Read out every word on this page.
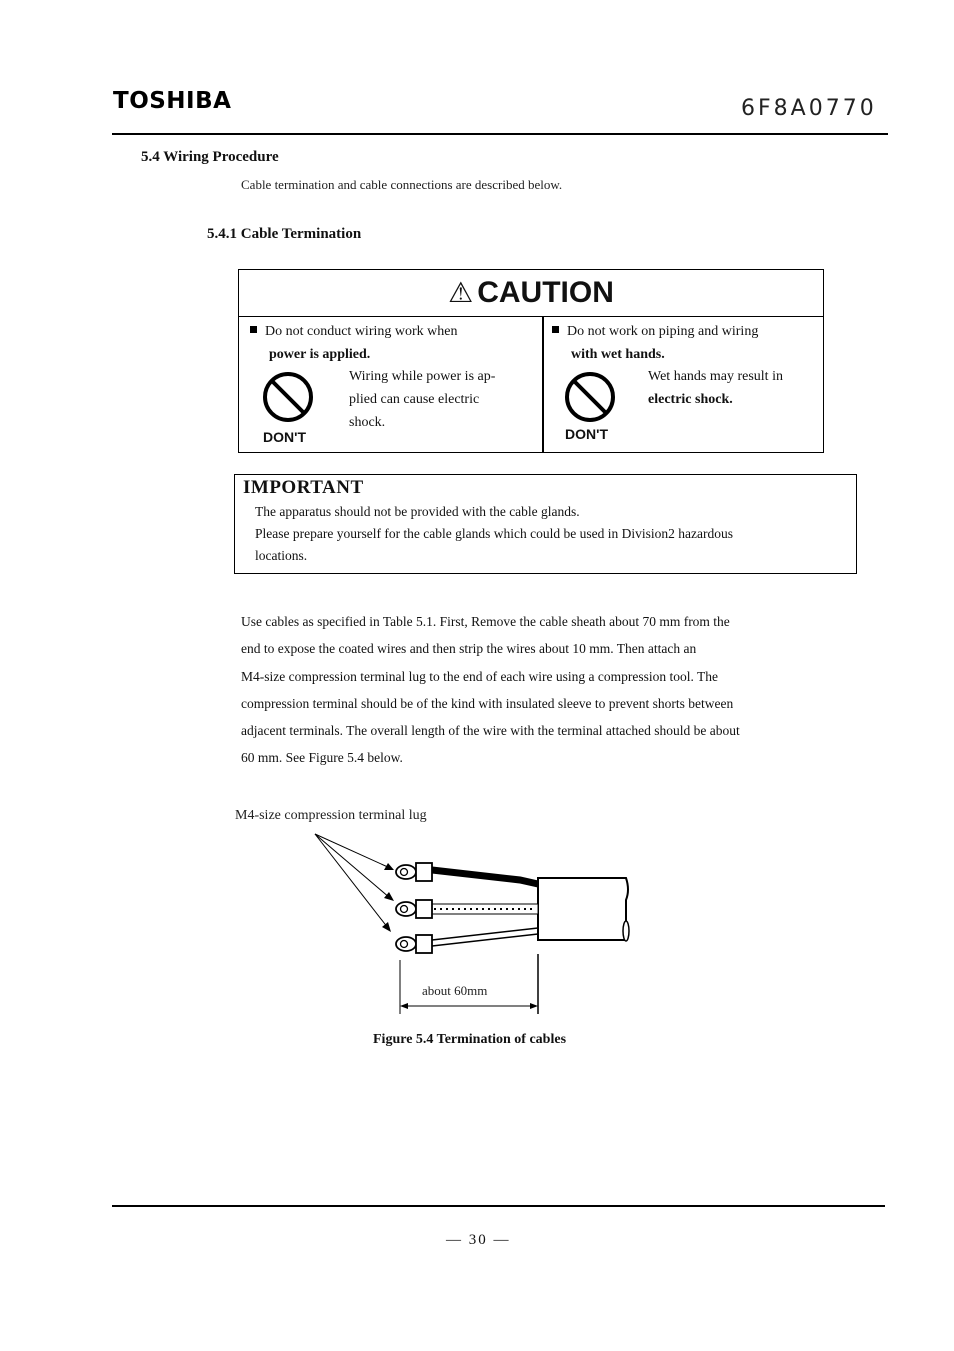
TOSHIBA	6F8A0770
5.4 Wiring Procedure
Cable termination and cable connections are described below.
5.4.1 Cable Termination
⚠ CAUTION
Do not conduct wiring work when
power is applied.
DON'T
Wiring while power is ap-
plied can cause electric
shock.
Do not work on piping and wiring
with wet hands.
DON'T
Wet hands may result in
electric shock.
IMPORTANT
The apparatus should not be provided with the cable glands.
Please prepare yourself for the cable glands which could be used in Division2 hazardous
locations.
Use cables as specified in Table 5.1. First, Remove the cable sheath about 70 mm from the
end to expose the coated wires and then strip the wires about 10 mm. Then attach an
M4-size compression terminal lug to the end of each wire using a compression tool. The
compression terminal should be of the kind with insulated sleeve to prevent shorts between
adjacent terminals. The overall length of the wire with the terminal attached should be about
60 mm. See Figure 5.4 below.
M4-size compression terminal lug
about 60mm
Figure 5.4 Termination of cables
— 30 —
